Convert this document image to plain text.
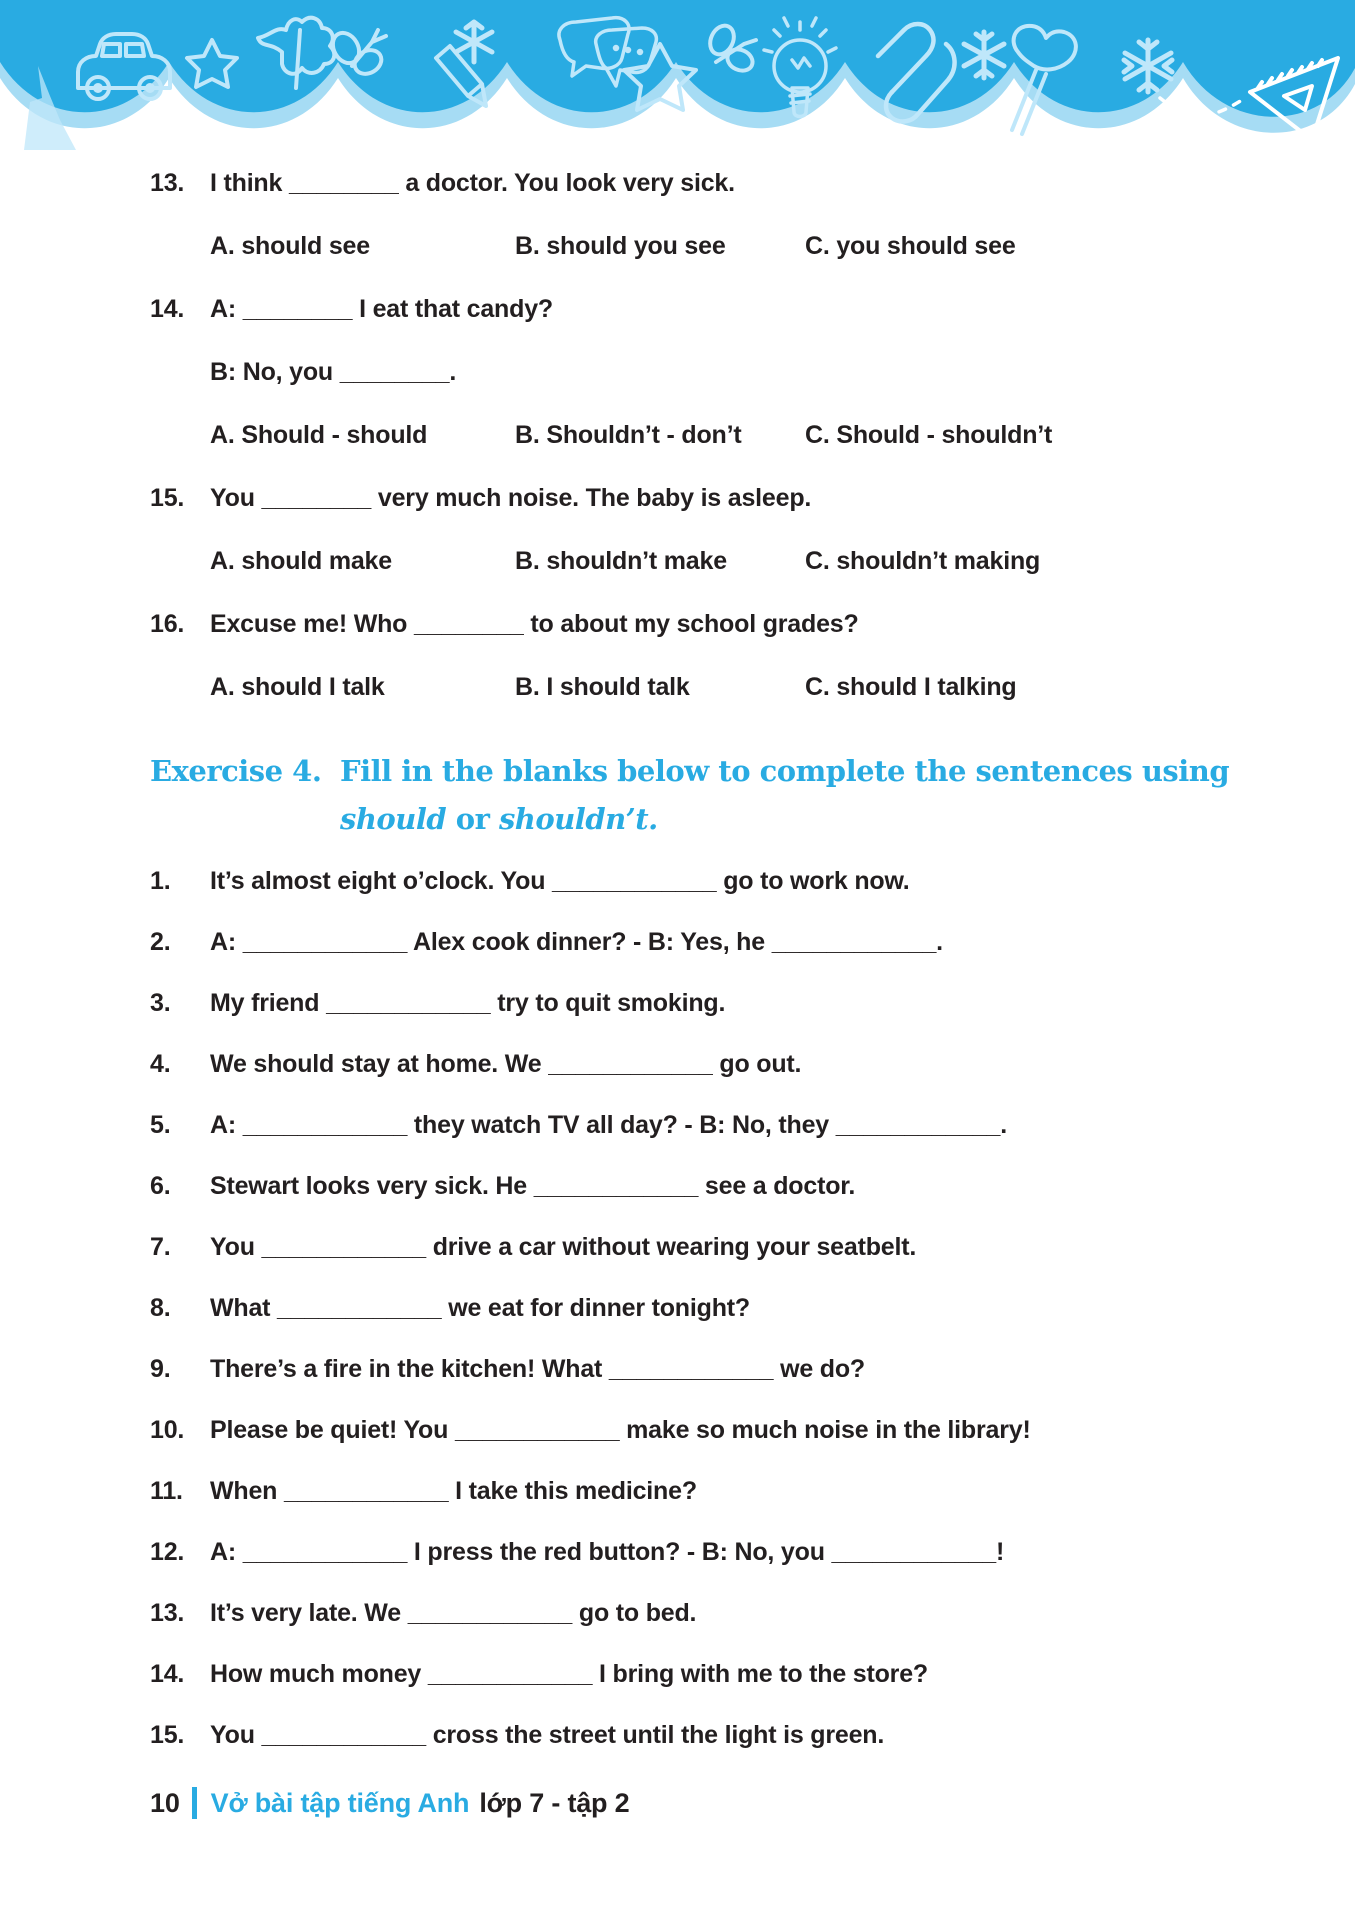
13.	I think ________ a doctor. You look very sick.
A. should see	B. should you see	C. you should see
14.	A: ________ I eat that candy?
B: No, you ________.
A. Should - should	B. Shouldn’t - don’t	C. Should - shouldn’t
15.	You ________ very much noise. The baby is asleep.
A. should make	B. shouldn’t make	C. shouldn’t making
16.	Excuse me! Who ________ to about my school grades?
A. should I talk	B. I should talk	C. should I talking
Exercise 4. Fill in the blanks below to complete the sentences using
should or shouldn’t.
1.	It’s almost eight o’clock. You ____________ go to work now.
2.	A: ____________ Alex cook dinner? - B: Yes, he ____________.
3.	My friend ____________ try to quit smoking.
4.	We should stay at home. We ____________ go out.
5.	A: ____________ they watch TV all day? - B: No, they ____________.
6.	Stewart looks very sick. He ____________ see a doctor.
7.	You ____________ drive a car without wearing your seatbelt.
8.	What ____________ we eat for dinner tonight?
9.	There’s a fire in the kitchen! What ____________ we do?
10.	Please be quiet! You ____________ make so much noise in the library!
11.	When ____________ I take this medicine?
12.	A: ____________ I press the red button? - B: No, you ____________!
13.	It’s very late. We ____________ go to bed.
14.	How much money ____________ I bring with me to the store?
15.	You ____________ cross the street until the light is green.
10 Vở bài tập tiếng Anh lớp 7 - tập 2
